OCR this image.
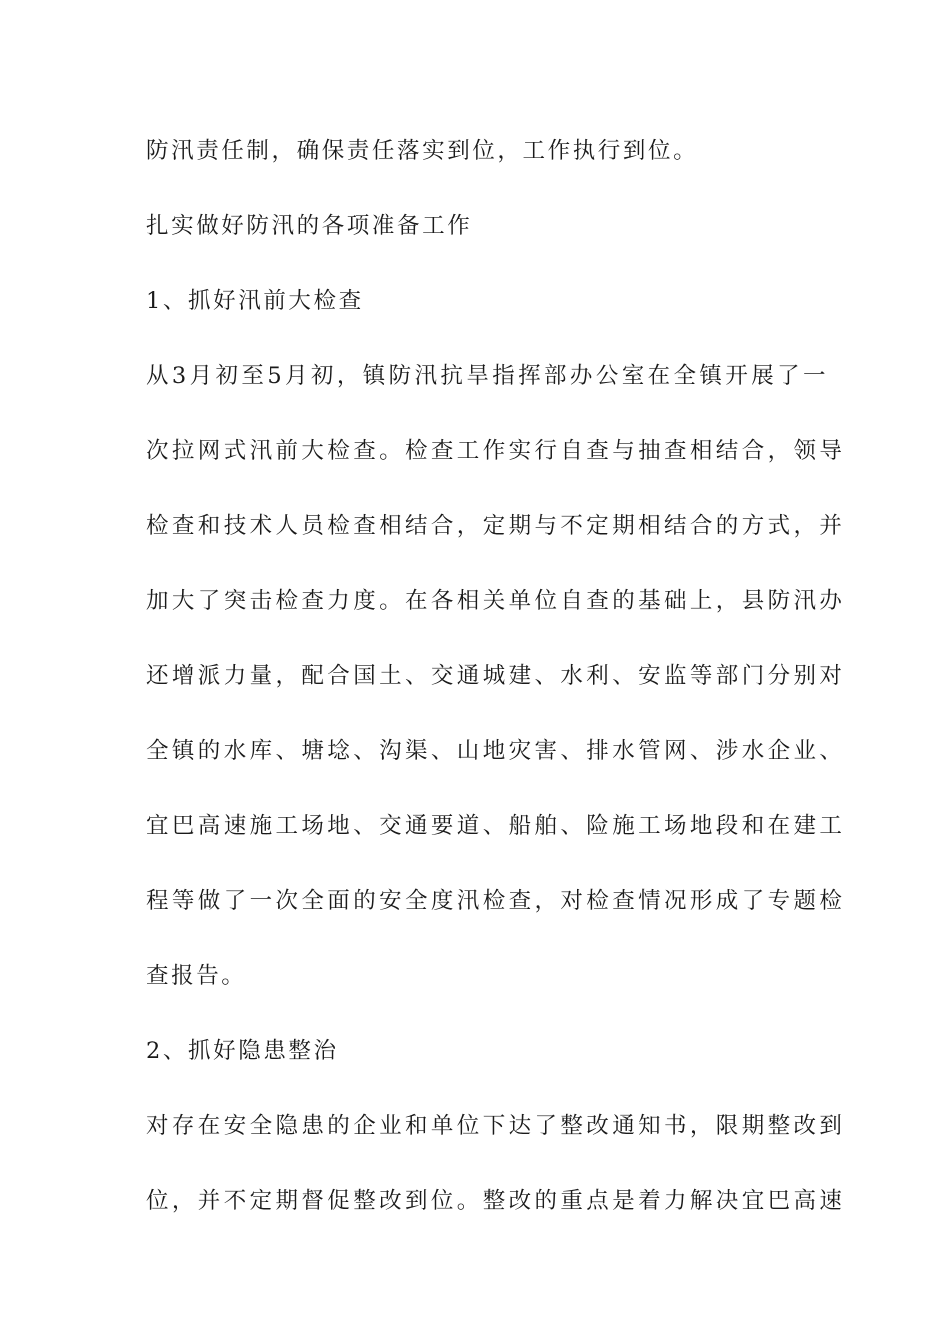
防汛责任制，确保责任落实到位，工作执行到位。
扎实做好防汛的各项准备工作
1、抓好汛前大检查
从3月初至5月初，镇防汛抗旱指挥部办公室在全镇开展了一
次拉网式汛前大检查。检查工作实行自查与抽查相结合，领导
检查和技术人员检查相结合，定期与不定期相结合的方式，并
加大了突击检查力度。在各相关单位自查的基础上，县防汛办
还增派力量，配合国土、交通城建、水利、安监等部门分别对
全镇的水库、塘埝、沟渠、山地灾害、排水管网、涉水企业、
宜巴高速施工场地、交通要道、船舶、险施工场地段和在建工
程等做了一次全面的安全度汛检查，对检查情况形成了专题检
查报告。
2、抓好隐患整治
对存在安全隐患的企业和单位下达了整改通知书，限期整改到
位，并不定期督促整改到位。整改的重点是着力解决宜巴高速
